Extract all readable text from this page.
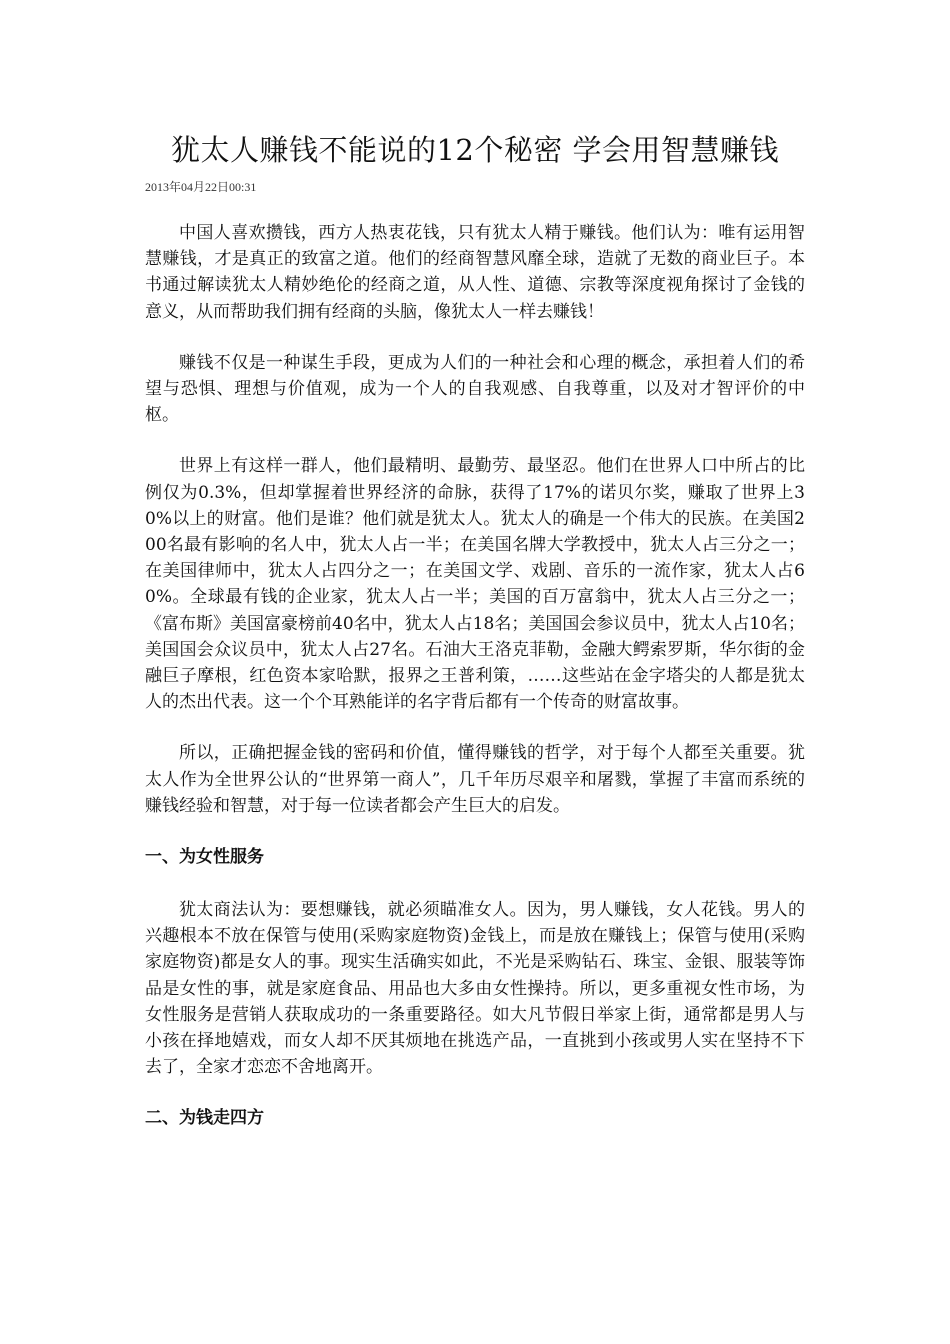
犹太人赚钱不能说的12个秘密 学会用智慧赚钱
2013年04月22日00:31

中国人喜欢攒钱，西方人热衷花钱，只有犹太人精于赚钱。他们认为：唯有运用智慧赚钱，才是真正的致富之道。他们的经商智慧风靡全球，造就了无数的商业巨子。本书通过解读犹太人精妙绝伦的经商之道，从人性、道德、宗教等深度视角探讨了金钱的意义，从而帮助我们拥有经商的头脑，像犹太人一样去赚钱！

赚钱不仅是一种谋生手段，更成为人们的一种社会和心理的概念，承担着人们的希望与恐惧、理想与价值观，成为一个人的自我观感、自我尊重，以及对才智评价的中枢。

世界上有这样一群人，他们最精明、最勤劳、最坚忍。他们在世界人口中所占的比例仅为0.3%，但却掌握着世界经济的命脉，获得了17%的诺贝尔奖，赚取了世界上30%以上的财富。他们是谁？他们就是犹太人。犹太人的确是一个伟大的民族。在美国200名最有影响的名人中，犹太人占一半；在美国名牌大学教授中，犹太人占三分之一；在美国律师中，犹太人占四分之一；在美国文学、戏剧、音乐的一流作家，犹太人占60%。全球最有钱的企业家，犹太人占一半；美国的百万富翁中，犹太人占三分之一；《富布斯》美国富豪榜前40名中，犹太人占18名；美国国会参议员中，犹太人占10名；美国国会众议员中，犹太人占27名。石油大王洛克菲勒，金融大鳄索罗斯，华尔街的金融巨子摩根，红色资本家哈默，报界之王普利策，……这些站在金字塔尖的人都是犹太人的杰出代表。这一个个耳熟能详的名字背后都有一个传奇的财富故事。

所以，正确把握金钱的密码和价值，懂得赚钱的哲学，对于每个人都至关重要。犹太人作为全世界公认的“世界第一商人”，几千年历尽艰辛和屠戮，掌握了丰富而系统的赚钱经验和智慧，对于每一位读者都会产生巨大的启发。

一、为女性服务

犹太商法认为：要想赚钱，就必须瞄准女人。因为，男人赚钱，女人花钱。男人的兴趣根本不放在保管与使用(采购家庭物资)金钱上，而是放在赚钱上；保管与使用(采购家庭物资)都是女人的事。现实生活确实如此，不光是采购钻石、珠宝、金银、服装等饰品是女性的事，就是家庭食品、用品也大多由女性操持。所以，更多重视女性市场，为女性服务是营销人获取成功的一条重要路径。如大凡节假日举家上街，通常都是男人与小孩在择地嬉戏，而女人却不厌其烦地在挑选产品，一直挑到小孩或男人实在坚持不下去了，全家才恋恋不舍地离开。

二、为钱走四方
